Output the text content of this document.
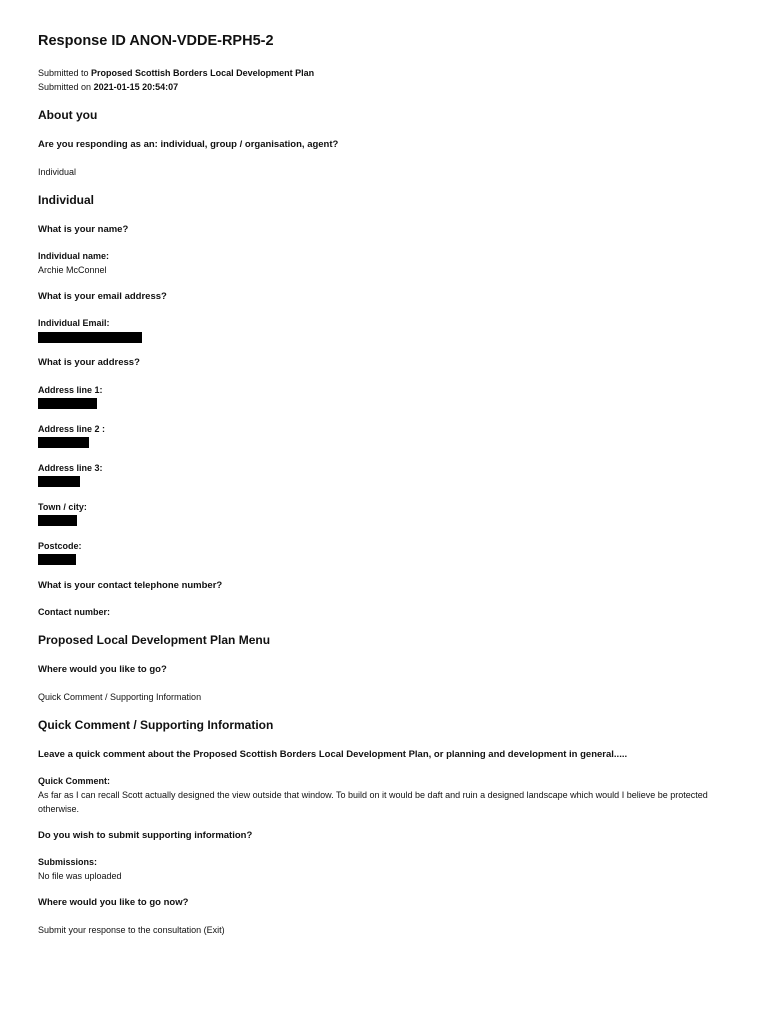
Response ID ANON-VDDE-RPH5-2
Submitted to Proposed Scottish Borders Local Development Plan
Submitted on 2021-01-15 20:54:07
About you
Are you responding as an: individual, group / organisation, agent?
Individual
Individual
What is your name?
Individual name:
Archie McConnel
What is your email address?
Individual Email:
What is your address?
Address line 1:
Address line 2 :
Address line 3:
Town / city:
Postcode:
What is your contact telephone number?
Contact number:
Proposed Local Development Plan Menu
Where would you like to go?
Quick Comment / Supporting Information
Quick Comment / Supporting Information
Leave a quick comment about the Proposed Scottish Borders Local Development Plan, or planning and development in general.....
Quick Comment:
As far as I can recall Scott actually designed the view outside that window. To build on it would be daft and ruin a designed landscape which would I believe be protected otherwise.
Do you wish to submit supporting information?
Submissions:
No file was uploaded
Where would you like to go now?
Submit your response to the consultation (Exit)
